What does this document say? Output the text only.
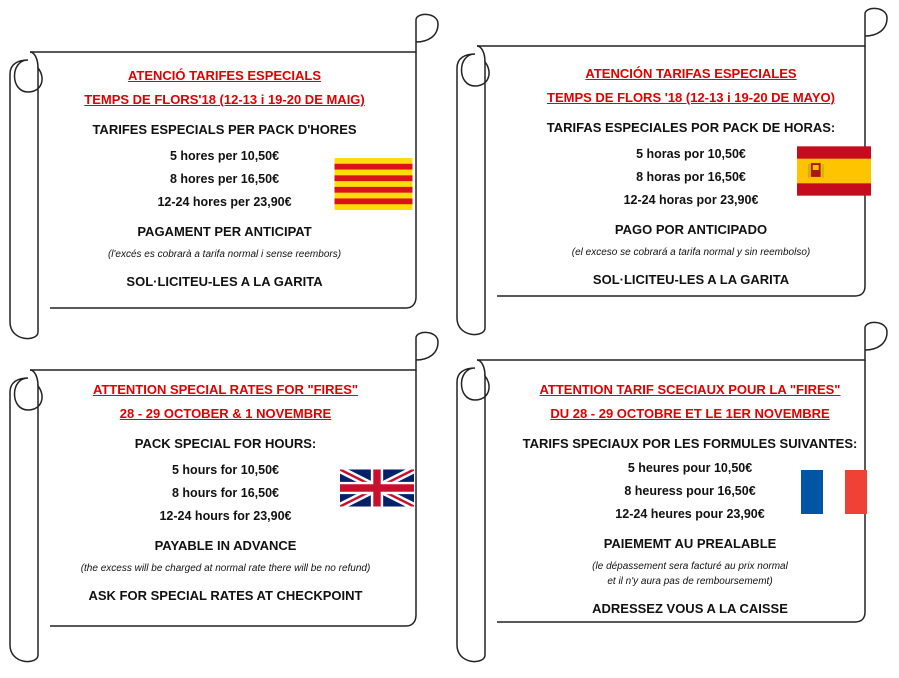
ATENCIÓ TARIFES ESPECIALS
TEMPS DE FLORS'18 (12-13 i 19-20 DE MAIG)
TARIFES ESPECIALS PER PACK D'HORES
5 hores per 10,50€
8 hores per 16,50€
12-24 hores per 23,90€
PAGAMENT PER ANTICIPAT
(l'excés es cobrarà a tarifa normal i sense reembors)
SOL·LICITEU-LES A LA GARITA
ATENCIÓN TARIFAS ESPECIALES
TEMPS DE FLORS '18 (12-13 i 19-20 DE MAYO)
TARIFAS ESPECIALES POR PACK DE HORAS:
5 horas por 10,50€
8 horas por 16,50€
12-24 horas por 23,90€
PAGO POR ANTICIPADO
(el exceso se cobrará a tarifa normal y sin reembolso)
SOL·LICITEU-LES A LA GARITA
ATTENTION SPECIAL RATES FOR "FIRES"
28 - 29 OCTOBER & 1 NOVEMBRE
PACK SPECIAL FOR HOURS:
5 hours for 10,50€
8 hours for 16,50€
12-24 hours for 23,90€
PAYABLE IN ADVANCE
(the excess will be charged at normal rate there will be no refund)
ASK FOR SPECIAL RATES AT CHECKPOINT
ATTENTION TARIF SCECIAUX POUR LA "FIRES"
DU 28 - 29 OCTOBRE ET LE 1ER NOVEMBRE
TARIFS SPECIAUX POR LES FORMULES SUIVANTES:
5 heures pour 10,50€
8 heuress pour 16,50€
12-24 heures pour 23,90€
PAIEMEMT AU PREALABLE
(le dépassement sera facturé au prix normal
et il n'y aura pas de remboursememt)
ADRESSEZ VOUS A LA CAISSE
